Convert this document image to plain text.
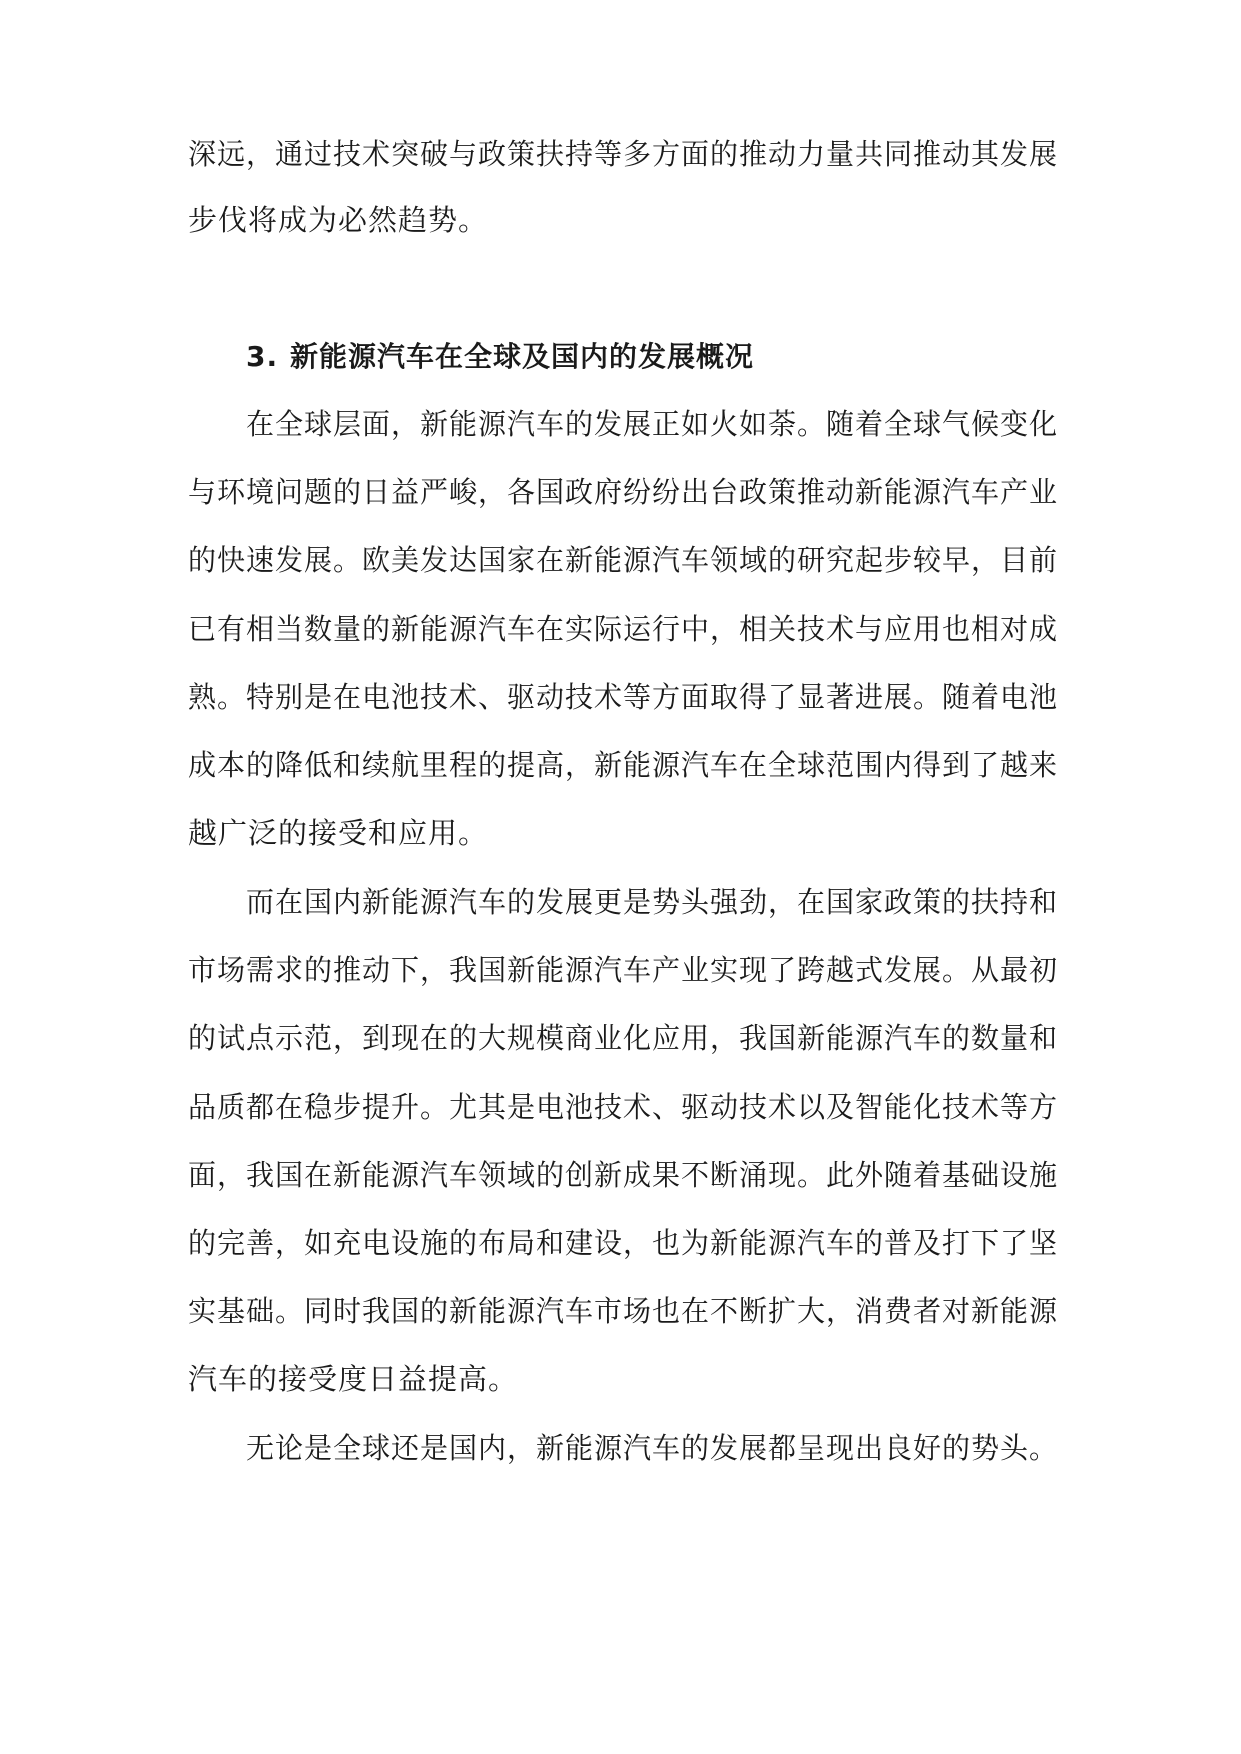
深远，通过技术突破与政策扶持等多方面的推动力量共同推动其发展
步伐将成为必然趋势。
3. 新能源汽车在全球及国内的发展概况
在全球层面，新能源汽车的发展正如火如荼。随着全球气候变化
与环境问题的日益严峻，各国政府纷纷出台政策推动新能源汽车产业
的快速发展。欧美发达国家在新能源汽车领域的研究起步较早，目前
已有相当数量的新能源汽车在实际运行中，相关技术与应用也相对成
熟。特别是在电池技术、驱动技术等方面取得了显著进展。随着电池
成本的降低和续航里程的提高，新能源汽车在全球范围内得到了越来
越广泛的接受和应用。
而在国内新能源汽车的发展更是势头强劲，在国家政策的扶持和
市场需求的推动下，我国新能源汽车产业实现了跨越式发展。从最初
的试点示范，到现在的大规模商业化应用，我国新能源汽车的数量和
品质都在稳步提升。尤其是电池技术、驱动技术以及智能化技术等方
面，我国在新能源汽车领域的创新成果不断涌现。此外随着基础设施
的完善，如充电设施的布局和建设，也为新能源汽车的普及打下了坚
实基础。同时我国的新能源汽车市场也在不断扩大，消费者对新能源
汽车的接受度日益提高。
无论是全球还是国内，新能源汽车的发展都呈现出良好的势头。
